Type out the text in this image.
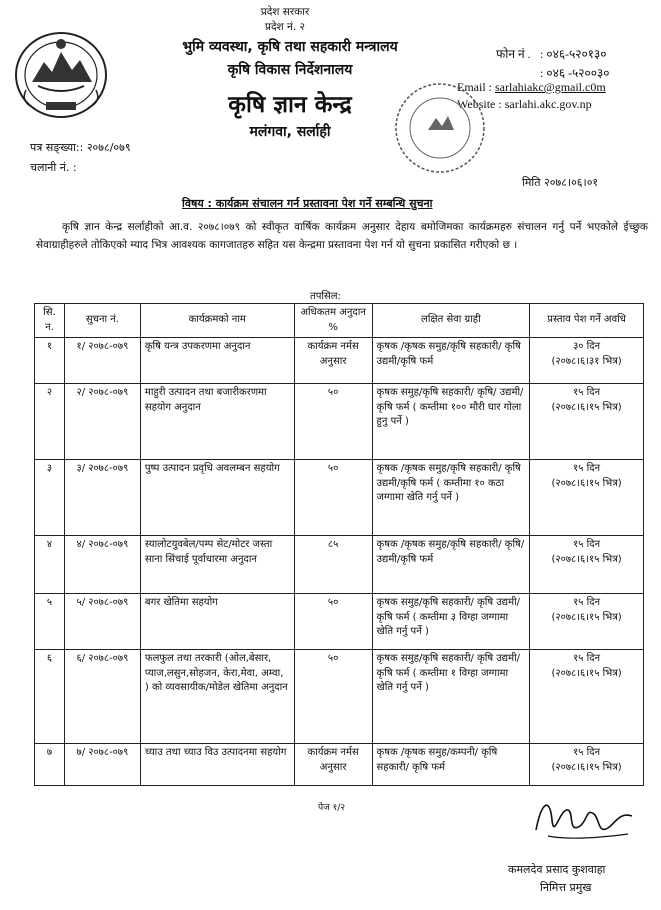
प्रदेश सरकार
प्रदेश नं. २
भुमि व्यवस्था, कृषि तथा सहकारी मन्त्रालय
कृषि विकास निर्देशनालय
कृषि ज्ञान केन्द्र
मलंगवा, सर्लाही
फोन नं . : ०४६-५२०१३०
: ०४६ -५२००३०
Email : sarlahiakc@gmail.c0m
Website : sarlahi.akc.gov.np
पत्र सङ्ख्या:: २०७८/०७९
चलानी नं. :
मिति २०७८।०६।०१
विषय : कार्यक्रम संचालन गर्न प्रस्तावना पेश गर्ने सम्बन्धि सुचना
कृषि ज्ञान केन्द्र सर्लाहीको आ.व. २०७८।०७९ को स्वीकृत वार्षिक कार्यक्रम अनुसार देहाय बमोजिमका कार्यक्रमहरु संचालन गर्नु पर्ने भएकोले ईच्छुक सेवाग्राहीहरुले तोकिएको म्याद भित्र आवश्यक कागजातहरु सहित यस केन्द्रमा प्रस्तावना पेश गर्न यो सुचना प्रकासित गरीएको छ ।
तपसिल:
सि. न.	सुचना नं.	कार्यक्रमको नाम	अधिकतम अनुदान %	लक्षित सेवा ग्राही	प्रस्ताव पेश गर्ने अवधि
१	१/ २०७८-०७९	कृषि यन्त्र उपकरणमा अनुदान	कार्यक्रम नर्मस अनुसार	कृषक /कृषक समुह/कृषि सहकारी/ कृषि उद्यमी/कृषि फर्म	३० दिन
(२०७८।६।३१ भित्र)

२	२/ २०७८-०७९	माहुरी उत्पादन तथा बजारीकरणमा सहयोग अनुदान	५०	कृषक समुह/कृषि सहकारी/ कृषि/ उद्यमी/कृषि फर्म ( कम्तीमा १०० मौरी घार गोला हुनु पर्ने )	१५ दिन
(२०७८।६।१५ भित्र)

३	३/ २०७८-०७९	पुष्प उत्पादन प्रवृधि अवलम्बन सहयोग	५०	कृषक /कृषक समुह/कृषि सहकारी/ कृषि उद्यमी/कृषि फर्म ( कम्तीमा १० कठा जग्गामा खेति गर्नु पर्ने )	१५ दिन
(२०७८।६।१५ भित्र)

४	४/ २०७८-०७९	स्यालोटयुवबेल/पम्प सेट/मोटर जस्ता साना सिंचाई पूर्वाधारमा अनुदान	८५	कृषक /कृषक समुह/कृषि सहकारी/ कृषि/ उद्यमी/कृषि फर्म	१५ दिन
(२०७८।६।१५ भित्र)

५	५/ २०७८-०७९	बगर खेतिमा सहयोग	५०	कृषक समुह/कृषि सहकारी/ कृषि उद्यमी/कृषि फर्म ( कम्तीमा ३ विग्हा जग्गामा खेति गर्नु पर्ने )	१५ दिन
(२०७८।६।१५ भित्र)

६	६/ २०७८-०७९	फलफुल तथा तरकारी (ओल,बेसार, प्याज,लसुन,सोहजन, केरा,मेवा, अम्वा, ) को व्यवसायीक/मोडेल खेतिमा अनुदान	५०	कृषक समुह/कृषि सहकारी/ कृषि उद्यमी/कृषि फर्म ( कम्तीमा १ विग्हा जग्गामा खेति गर्नु पर्ने )	१५ दिन
(२०७८।६।१५ भित्र)

७	७/ २०७८-०७९	च्याउ तथा च्याउ विउ उत्पादनमा सहयोग	कार्यक्रम नर्मस अनुसार	कृषक /कृषक समुह/कम्पनी/ कृषि सहकारी/ कृषि फर्म	१५ दिन
(२०७८।६।१५ भित्र)
पेज १/२
कमलदेव प्रसाद कुशवाहा
निमित्त प्रमुख
